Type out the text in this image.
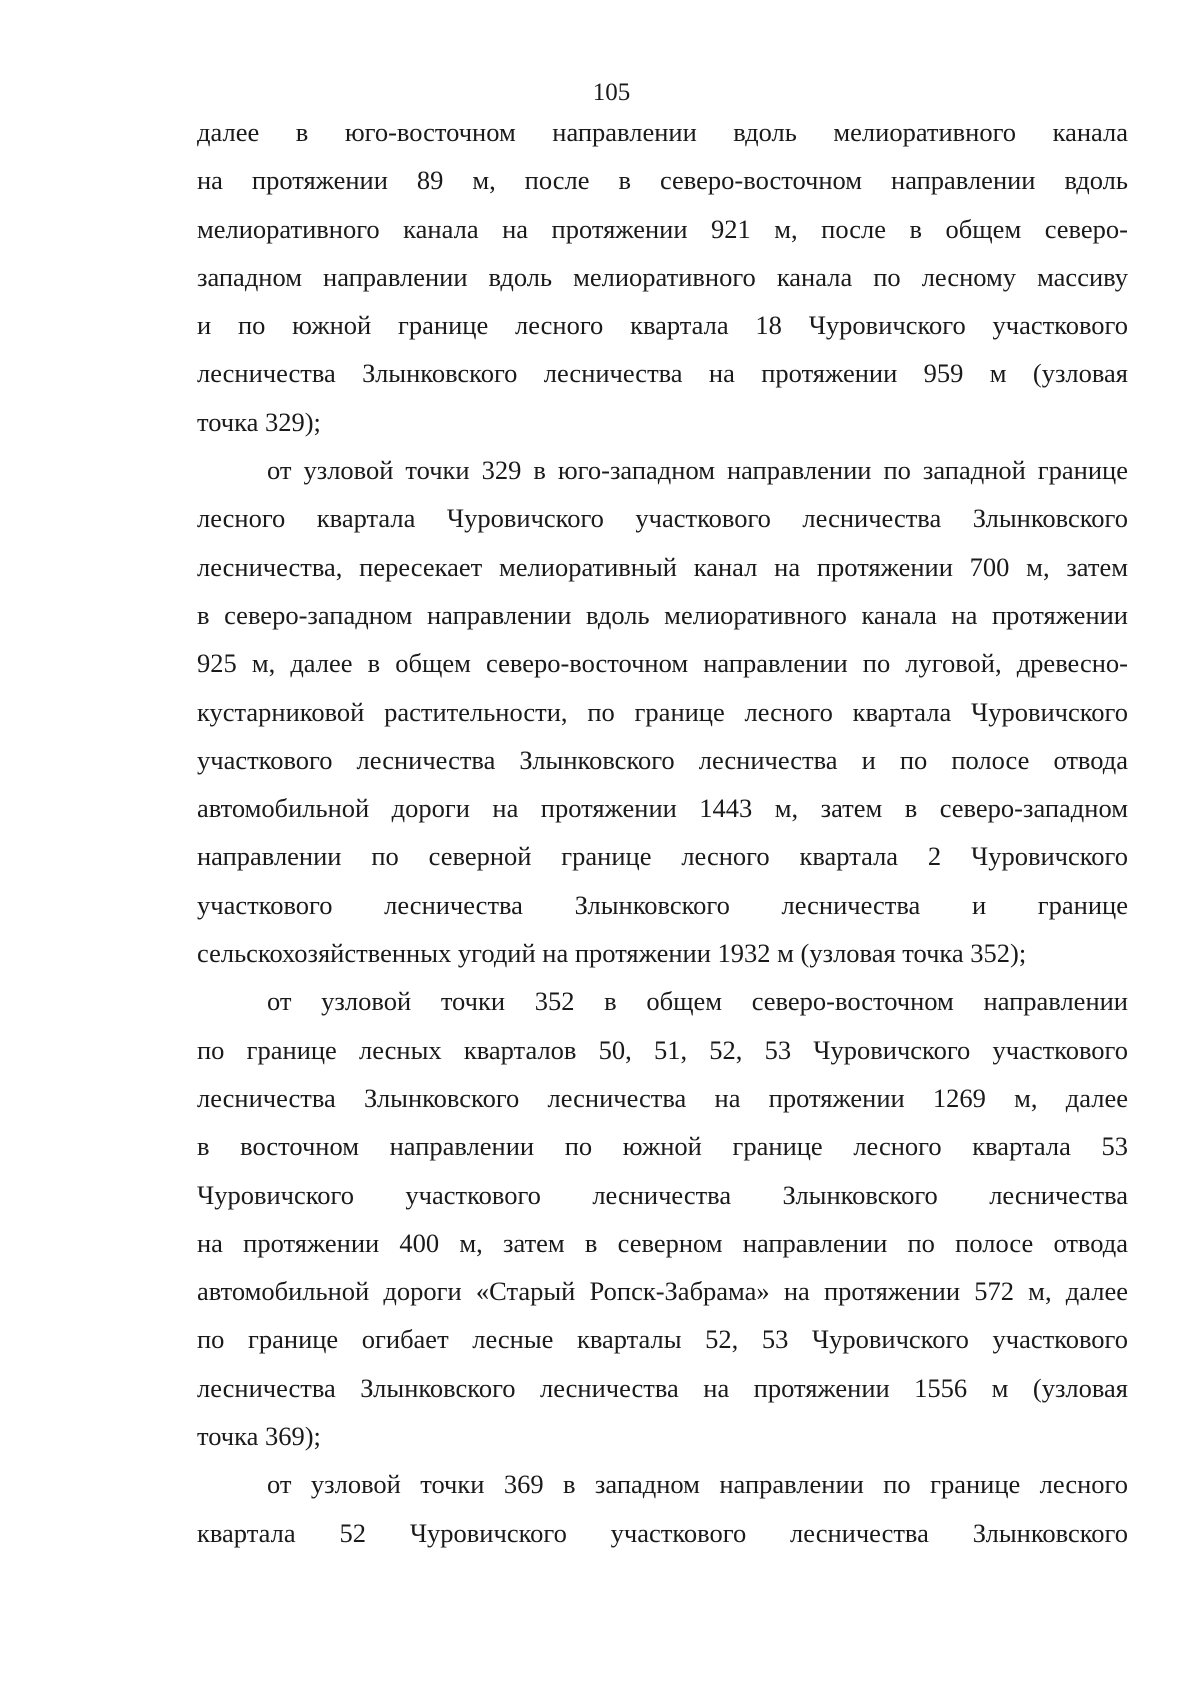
105
далее в юго-восточном направлении вдоль мелиоративного канала
на протяжении 89 м, после в северо-восточном направлении вдоль
мелиоративного канала на протяжении 921 м, после в общем северо-
западном направлении вдоль мелиоративного канала по лесному массиву
и по южной границе лесного квартала 18 Чуровичского участкового
лесничества Злынковского лесничества на протяжении 959 м (узловая
точка 329);
от узловой точки 329 в юго-западном направлении по западной границе
лесного квартала Чуровичского участкового лесничества Злынковского
лесничества, пересекает мелиоративный канал на протяжении 700 м, затем
в северо-западном направлении вдоль мелиоративного канала на протяжении
925 м, далее в общем северо-восточном направлении по луговой, древесно-
кустарниковой растительности, по границе лесного квартала Чуровичского
участкового лесничества Злынковского лесничества и по полосе отвода
автомобильной дороги на протяжении 1443 м, затем в северо-западном
направлении по северной границе лесного квартала 2 Чуровичского
участкового лесничества Злынковского лесничества и границе
сельскохозяйственных угодий на протяжении 1932 м (узловая точка 352);
от узловой точки 352 в общем северо-восточном направлении
по границе лесных кварталов 50, 51, 52, 53 Чуровичского участкового
лесничества Злынковского лесничества на протяжении 1269 м, далее
в восточном направлении по южной границе лесного квартала 53
Чуровичского участкового лесничества Злынковского лесничества
на протяжении 400 м, затем в северном направлении по полосе отвода
автомобильной дороги «Старый Ропск-Забрама» на протяжении 572 м, далее
по границе огибает лесные кварталы 52, 53 Чуровичского участкового
лесничества Злынковского лесничества на протяжении 1556 м (узловая
точка 369);
от узловой точки 369 в западном направлении по границе лесного
квартала 52 Чуровичского участкового лесничества Злынковского
